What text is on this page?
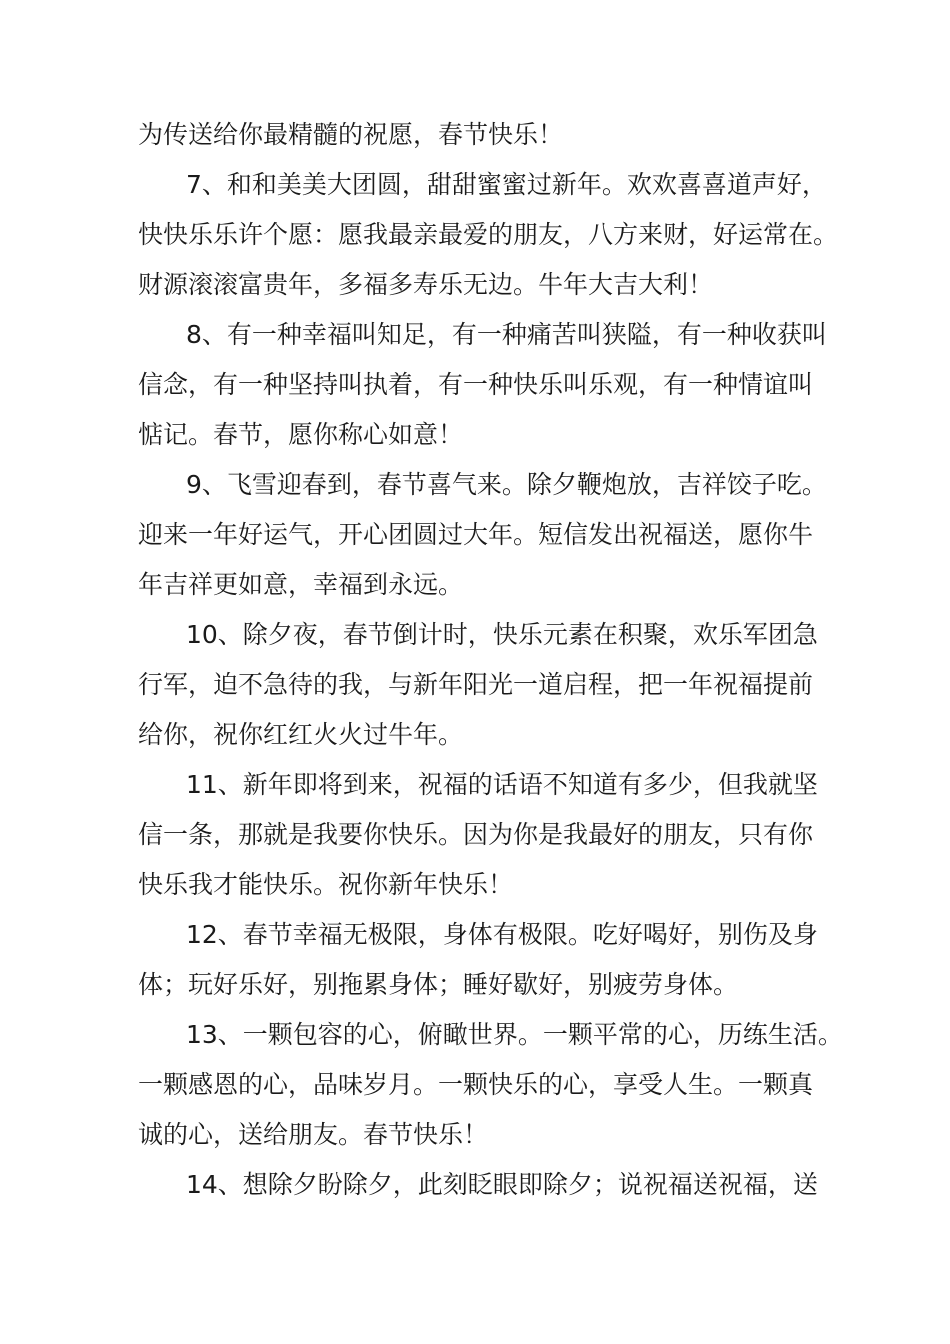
为传送给你最精髓的祝愿，春节快乐！
7、和和美美大团圆，甜甜蜜蜜过新年。欢欢喜喜道声好，
快快乐乐许个愿：愿我最亲最爱的朋友，八方来财，好运常在。
财源滚滚富贵年，多福多寿乐无边。牛年大吉大利！
8、有一种幸福叫知足，有一种痛苦叫狭隘，有一种收获叫
信念，有一种坚持叫执着，有一种快乐叫乐观，有一种情谊叫
惦记。春节，愿你称心如意！
9、飞雪迎春到，春节喜气来。除夕鞭炮放，吉祥饺子吃。
迎来一年好运气，开心团圆过大年。短信发出祝福送，愿你牛
年吉祥更如意，幸福到永远。
10、除夕夜，春节倒计时，快乐元素在积聚，欢乐军团急
行军，迫不急待的我，与新年阳光一道启程，把一年祝福提前
给你，祝你红红火火过牛年。
11、新年即将到来，祝福的话语不知道有多少，但我就坚
信一条，那就是我要你快乐。因为你是我最好的朋友，只有你
快乐我才能快乐。祝你新年快乐！
12、春节幸福无极限，身体有极限。吃好喝好，别伤及身
体；玩好乐好，别拖累身体；睡好歇好，别疲劳身体。
13、一颗包容的心，俯瞰世界。一颗平常的心，历练生活。
一颗感恩的心，品味岁月。一颗快乐的心，享受人生。一颗真
诚的心，送给朋友。春节快乐！
14、想除夕盼除夕，此刻眨眼即除夕；说祝福送祝福，送
